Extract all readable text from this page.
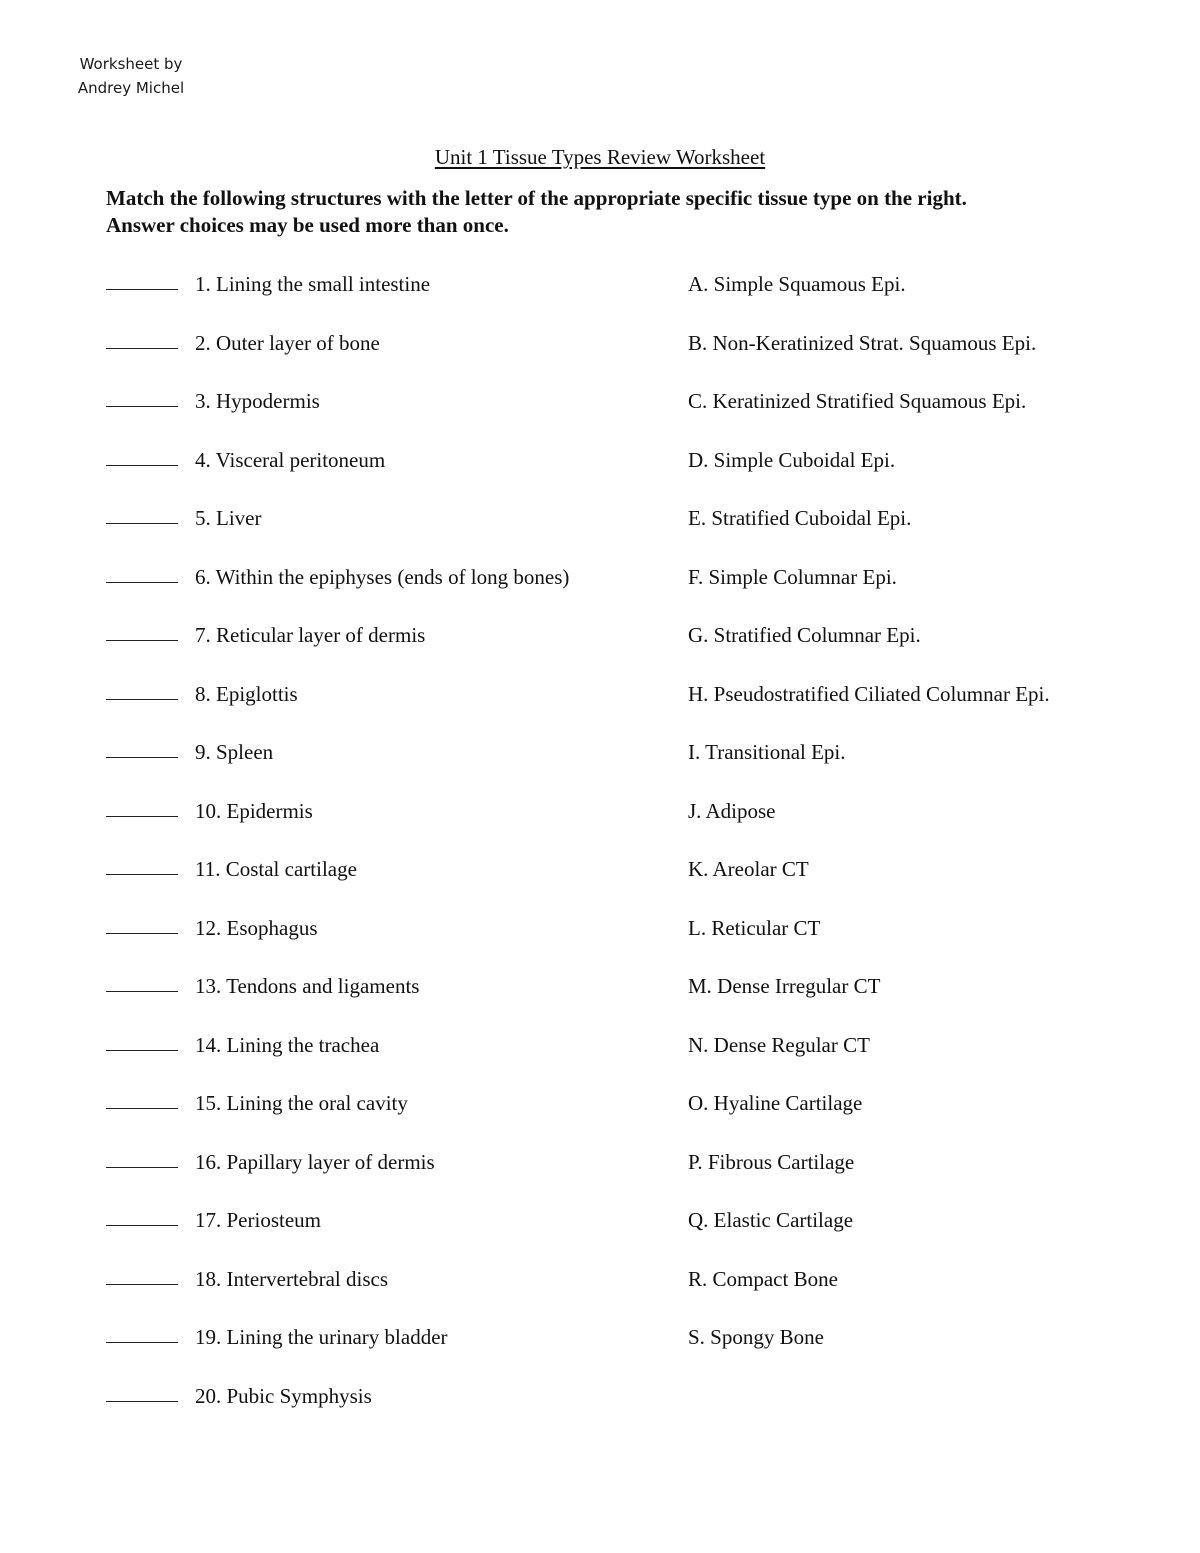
Worksheet by
Andrey Michel
Unit 1 Tissue Types Review Worksheet
Match the following structures with the letter of the appropriate specific tissue type on the right.
Answer choices may be used more than once.
1. Lining the small intestine	A. Simple Squamous Epi.
2. Outer layer of bone	B. Non-Keratinized Strat. Squamous Epi.
3. Hypodermis	C. Keratinized Stratified Squamous Epi.
4. Visceral peritoneum	D. Simple Cuboidal Epi.
5. Liver	E. Stratified Cuboidal Epi.
6. Within the epiphyses (ends of long bones)	F. Simple Columnar Epi.
7. Reticular layer of dermis	G. Stratified Columnar Epi.
8. Epiglottis	H. Pseudostratified Ciliated Columnar Epi.
9. Spleen	I. Transitional Epi.
10. Epidermis	J. Adipose
11. Costal cartilage	K. Areolar CT
12. Esophagus	L. Reticular CT
13. Tendons and ligaments	M. Dense Irregular CT
14. Lining the trachea	N. Dense Regular CT
15. Lining the oral cavity	O. Hyaline Cartilage
16. Papillary layer of dermis	P. Fibrous Cartilage
17. Periosteum	Q. Elastic Cartilage
18. Intervertebral discs	R. Compact Bone
19. Lining the urinary bladder	S. Spongy Bone
20. Pubic Symphysis
